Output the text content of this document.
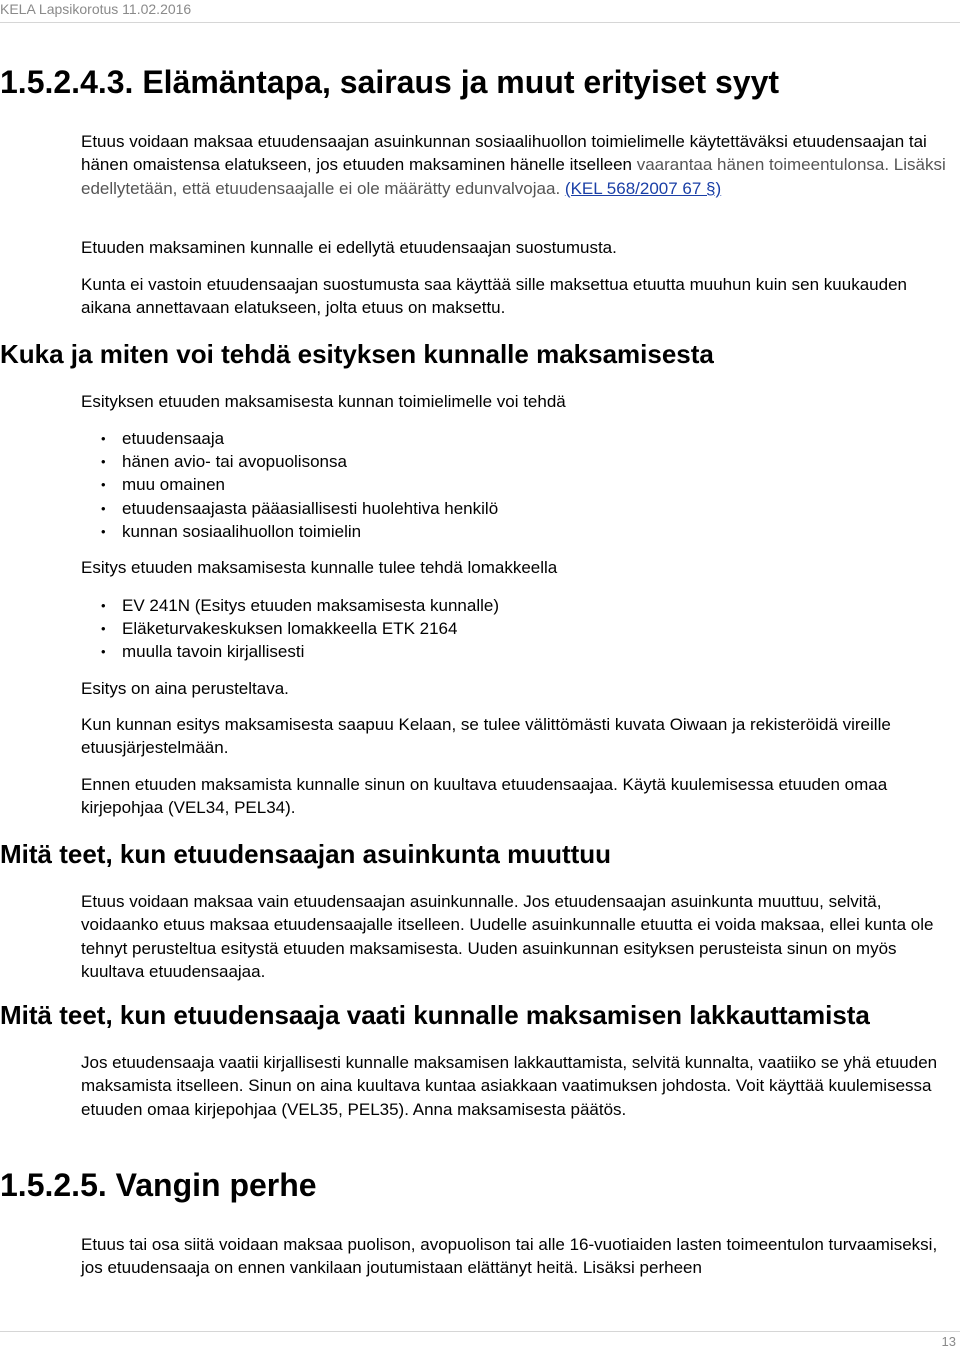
KELA Lapsikorotus 11.02.2016
1.5.2.4.3. Elämäntapa, sairaus ja muut erityiset syyt

Etuus voidaan maksaa etuudensaajan asuinkunnan sosiaalihuollon toimielimelle käytettäväksi etuudensaajan tai hänen omaistensa elatukseen, jos etuuden maksaminen hänelle itselleen vaarantaa hänen toimeentulonsa. Lisäksi edellytetään, että etuudensaajalle ei ole määrätty edunvalvojaa. (KEL 568/2007 67 §)

Etuuden maksaminen kunnalle ei edellytä etuudensaajan suostumusta.

Kunta ei vastoin etuudensaajan suostumusta saa käyttää sille maksettua etuutta muuhun kuin sen kuukauden aikana annettavaan elatukseen, jolta etuus on maksettu.

Kuka ja miten voi tehdä esityksen kunnalle maksamisesta

Esityksen etuuden maksamisesta kunnan toimielimelle voi tehdä

• etuudensaaja
• hänen avio- tai avopuolisonsa
• muu omainen
• etuudensaajasta pääasiallisesti huolehtiva henkilö
• kunnan sosiaalihuollon toimielin

Esitys etuuden maksamisesta kunnalle tulee tehdä lomakkeella

• EV 241N (Esitys etuuden maksamisesta kunnalle)
• Eläketurvakeskuksen lomakkeella ETK 2164
• muulla tavoin kirjallisesti

Esitys on aina perusteltava.

Kun kunnan esitys maksamisesta saapuu Kelaan, se tulee välittömästi kuvata Oiwaan ja rekisteröidä vireille etuusjärjestelmään.

Ennen etuuden maksamista kunnalle sinun on kuultava etuudensaajaa. Käytä kuulemisessa etuuden omaa kirjepohjaa (VEL34, PEL34).

Mitä teet, kun etuudensaajan asuinkunta muuttuu

Etuus voidaan maksaa vain etuudensaajan asuinkunnalle. Jos etuudensaajan asuinkunta muuttuu, selvitä, voidaanko etuus maksaa etuudensaajalle itselleen. Uudelle asuinkunnalle etuutta ei voida maksaa, ellei kunta ole tehnyt perusteltua esitystä etuuden maksamisesta. Uuden asuinkunnan esityksen perusteista sinun on myös kuultava etuudensaajaa.

Mitä teet, kun etuudensaaja vaati kunnalle maksamisen lakkauttamista

Jos etuudensaaja vaatii kirjallisesti kunnalle maksamisen lakkauttamista, selvitä kunnalta, vaatiiko se yhä etuuden maksamista itselleen. Sinun on aina kuultava kuntaa asiakkaan vaatimuksen johdosta. Voit käyttää kuulemisessa etuuden omaa kirjepohjaa (VEL35, PEL35). Anna maksamisesta päätös.

1.5.2.5. Vangin perhe

Etuus tai osa siitä voidaan maksaa puolison, avopuolison tai alle 16-vuotiaiden lasten toimeentulon turvaamiseksi, jos etuudensaaja on ennen vankilaan joutumistaan elättänyt heitä. Lisäksi perheen

13
